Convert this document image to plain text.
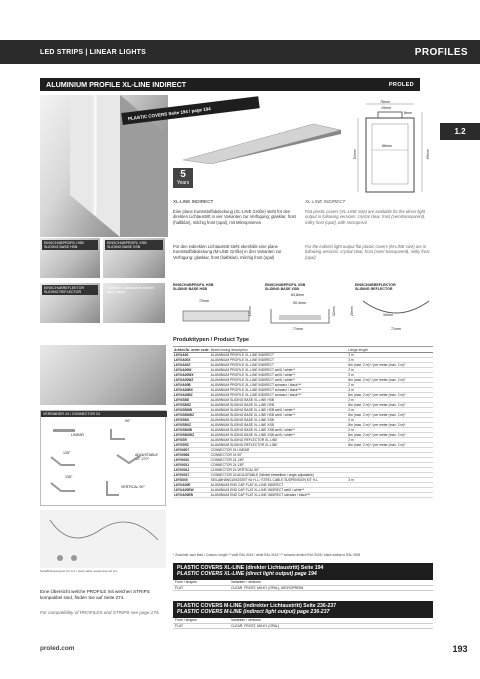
LED STRIPS | LINEAR LIGHTS	PROFILES
ALUMINIUM PROFILE XL-LINE INDIRECT	PROLED
1.2
PLASTIC COVERS Seite 194 / page 194
5
Years
76mm
19mm
8mm
66mm
54mm	69mm
XL-LINE INDIRECT	XL-LINE INDIRECT
Eine plane Kunststoffabdeckung (XL-LINE Größe) steht für den direkten Lichtaustritt in vier Varianten zur Verfügung: glasklar, frost (halbklar), milchig frost (opal), mit Mikroprismen
Flat plastic covers (XL-LINE size) are available for the direct light output in following versions: crystal clear, frost (semitransparent), milky frost (opal), with microprism
Für den indirekten Lichtaustritt steht ebenfalls eine plane Kunststoffabdeckung (M-LINE Größe) in drei Varianten zur Verfügung: glasklar, frost (halbklar), milchig frost (opal)
For the indirect light output flat plastic covers (M-LINE size) are in following versions: crystal clear, frost (semi-transparent), milky frost (opal)
EINSCHUBPROFIL HSB SLIDING BASE HSB
EINSCHUBPROFIL XSB SLIDING BASE XSB
EINSCHUBREFLEKTOR SLIDING REFLECTOR
indirekter Lichtaustritt indirect light output
EINSCHUBPROFIL HSB
SLIDING BASE HSB
72mm
13mm
EINSCHUBPROFIL XSB
SLIDING BASE XSB
63,8mm
50,4mm
71mm
32mm
EINSCHUBREFLEKTOR
SLIDING REFLECTOR
34mm
71mm
20mm
VERBINDER 24 / CONNECTOR 24
LINEAR
90°
135°	ADJUSTABLE 90°-270°
135°
VERTICAL 90°
Seilabhängungsset für H-L / steel cable suspension kit H-L
Produkttypen / Product Type
Artikel-Nr. order code	Bezeichnung description	Länge length
L6YXA00	ALUMINIUM PROFILE XL-LINE INDIRECT	2 m
L6YXA00X	ALUMINIUM PROFILE XL-LINE INDIRECT	3 m
L6YXA00Z	ALUMINIUM PROFILE XL-LINE INDIRECT	8m (max. 2 m)* / per meter (max. 2 m)*
L6YXA00W	ALUMINIUM PROFILE XL-LINE INDIRECT weiß / white**	2 m
L6YXA00WX	ALUMINIUM PROFILE XL-LINE INDIRECT weiß / white**	3 m
L6YXA00WZ	ALUMINIUM PROFILE XL-LINE INDIRECT weiß / white**	8m (max. 2 m)* / per meter (max. 2 m)*
L6YXA00B	ALUMINIUM PROFILE XL-LINE INDIRECT schwarz / black***	2 m
L6YXA00BX	ALUMINIUM PROFILE XL-LINE INDIRECT schwarz / black***	3 m
L6YXA00BZ	ALUMINIUM PROFILE XL-LINE INDIRECT schwarz / black***	8m (max. 2 m)* / per meter (max. 2 m)*
L6YXSBS	ALUMINIUM SLIDING BASE XL-LINE HSB	2 m
L6YXSBSZ	ALUMINIUM SLIDING BASE XL-LINE HSB	8m (max. 2 m)* / per meter (max. 2 m)*
L6YXSBSW	ALUMINIUM SLIDING BASE XL-LINE HSB weiß / white**	2 m
L6YXSBSWZ	ALUMINIUM SLIDING BASE XL-LINE HSB weiß / white**	8m (max. 2 m)* / per meter (max. 2 m)*
L6YXSBX	ALUMINIUM SLIDING BASE XL-LINE XSB	2 m
L6YXSBXZ	ALUMINIUM SLIDING BASE XL-LINE XSB	8m (max. 2 m)* / per meter (max. 2 m)*
L6YXSBXW	ALUMINIUM SLIDING BASE XL-LINE XSB weiß / white**	2 m
L6YXSBXWZ	ALUMINIUM SLIDING BASE XL-LINE XSB weiß / white**	8m (max. 2 m)* / per meter (max. 2 m)*
L6YXSR	ALUMINIUM SLIDING REFLECTOR XL-LINE	2 m
L6YXSRZ	ALUMINIUM SLIDING REFLECTOR XL-LINE	8m (max. 2 m)* / per meter (max. 2 m)*
L6Y00007	CONNECTOR 24 LINEAR	
L6Y00008	CONNECTOR 24 90°	
L6Y00010	CONNECTOR 24 135°	
L6Y00011	CONNECTOR 24 135°	
L6Y00012	CONNECTOR 24 VERTICAL 90°	
L6Y00017	CONNECTOR 24 ADJUSTABLE (Winkel einstellbar / angle adjustable)	
L6YS000	SEILABHÄNGUNGSSET für H-L / STEEL CABLE SUSPENSION KIT H-L	3 m
L6YXA00E	ALUMINIUM END CAP FLAT XL-LINE INDIRECT	
L6YXA00EW	ALUMINIUM END CAP FLAT XL-LINE INDIRECT weiß / white**	
L6YXA00EB	ALUMINIUM END CAP FLAT XL-LINE INDIRECT schwarz / black***	
* Zuschnitt nach Maß / Custom Length ** weiß RAL 9016 / white RAL 9016 *** schwarz ähnlich RAL 9005 / black similar to RAL 9005
PLASTIC COVERS XL-LINE (direkter Lichtaustritt) Seite 194
PLASTIC COVERS XL-LINE (direct light output) page 194
Form / shapes	Varianten / versions
FLAT	CLEAR, FROST, MILKY (OPAL), MICROPRISM
PLASTIC COVERS M-LINE (indirekter Lichtaustritt) Seite 236-237
PLASTIC COVERS M-LINE (indirect light output) page 236-237
Form / shapes	Varianten / versions
FLAT	CLEAR, FROST, MILKY (OPAL)
Eine Übersicht welche PROFILE mit welchen STRIPS kompatibel sind, finden Sie auf Seite 274.
For compatibility of PROFILES and STRIPS see page 274.
proled.com	193
